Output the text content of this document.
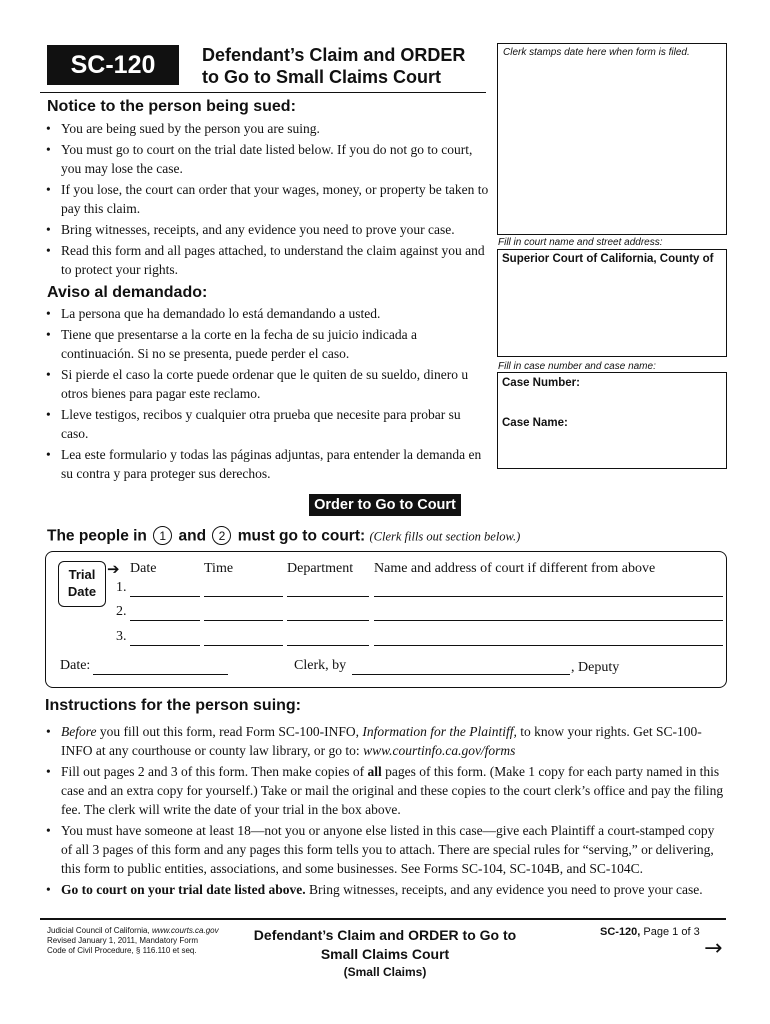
SC-120	Defendant’s Claim and ORDER
to Go to Small Claims Court
Clerk stamps date here when form is filed.
Fill in court name and street address:
Superior Court of California, County of
Fill in case number and case name:
Case Number:
Case Name:
Notice to the person being sued:
• You are being sued by the person you are suing.
• You must go to court on the trial date listed below. If you do not go to court, you may lose the case.
• If you lose, the court can order that your wages, money, or property be taken to pay this claim.
• Bring witnesses, receipts, and any evidence you need to prove your case.
• Read this form and all pages attached, to understand the claim against you and to protect your rights.
Aviso al demandado:
• La persona que ha demandado lo está demandando a usted.
• Tiene que presentarse a la corte en la fecha de su juicio indicada a continuación. Si no se presenta, puede perder el caso.
• Si pierde el caso la corte puede ordenar que le quiten de su sueldo, dinero u otros bienes para pagar este reclamo.
• Lleve testigos, recibos y cualquier otra prueba que necesite para probar su caso.
• Lea este formulario y todas las páginas adjuntas, para entender la demanda en su contra y para proteger sus derechos.
Order to Go to Court
The people in 1 and 2 must go to court: (Clerk fills out section below.)
Trial
Date
➔ Date	Time	Department Name and address of court if different from above
1.
2.
3.
Date:	Clerk, by	, Deputy
Instructions for the person suing:
• Before you fill out this form, read Form SC-100-INFO, Information for the Plaintiff, to know your rights. Get SC-100-INFO at any courthouse or county law library, or go to: www.courtinfo.ca.gov/forms
• Fill out pages 2 and 3 of this form. Then make copies of all pages of this form. (Make 1 copy for each party named in this case and an extra copy for yourself.) Take or mail the original and these copies to the court clerk’s office and pay the filing fee. The clerk will write the date of your trial in the box above.
• You must have someone at least 18—not you or anyone else listed in this case—give each Plaintiff a court-stamped copy of all 3 pages of this form and any pages this form tells you to attach. There are special rules for “serving,” or delivering, this form to public entities, associations, and some businesses. See Forms SC-104, SC-104B, and SC-104C.
• Go to court on your trial date listed above. Bring witnesses, receipts, and any evidence you need to prove your case.
Judicial Council of California, www.courts.ca.gov
Revised January 1, 2011, Mandatory Form
Code of Civil Procedure, § 116.110 et seq.
Defendant’s Claim and ORDER to Go to
Small Claims Court
(Small Claims)
SC-120, Page 1 of 3
→
